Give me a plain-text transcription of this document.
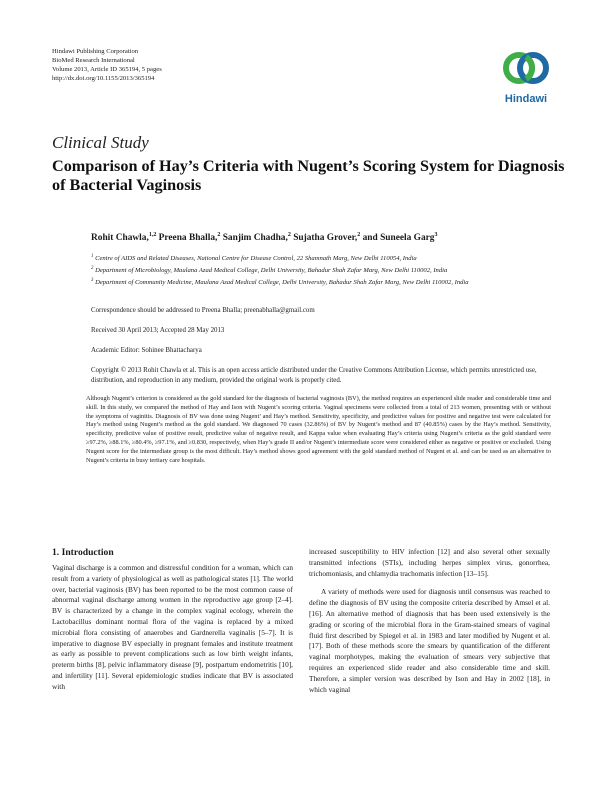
Hindawi Publishing Corporation
BioMed Research International
Volume 2013, Article ID 365194, 5 pages
http://dx.doi.org/10.1155/2013/365194
Hindawi
Clinical Study
Comparison of Hay’s Criteria with Nugent’s Scoring System for Diagnosis of Bacterial Vaginosis
Rohit Chawla,$^{1,2}$ Preena Bhalla,$^2$ Sanjim Chadha,$^2$ Sujatha Grover,$^2$ and Suneela Garg$^3$
$^1$ Centre of AIDS and Related Diseases, National Centre for Disease Control, 22 Shamnath Marg, New Delhi 110054, India
$^2$ Department of Microbiology, Maulana Azad Medical College, Delhi University, Bahadur Shah Zafar Marg, New Delhi 110002, India
$^3$ Department of Community Medicine, Maulana Azad Medical College, Delhi University, Bahadur Shah Zafar Marg, New Delhi 110002, India
Correspondence should be addressed to Preena Bhalla; preenabhalla@gmail.com
Received 30 April 2013; Accepted 28 May 2013
Academic Editor: Sohinee Bhattacharya
Copyright © 2013 Rohit Chawla et al. This is an open access article distributed under the Creative Commons Attribution License, which permits unrestricted use, distribution, and reproduction in any medium, provided the original work is properly cited.
Although Nugent’s criterion is considered as the gold standard for the diagnosis of bacterial vaginosis (BV), the method requires an experienced slide reader and considerable time and skill. In this study, we compared the method of Hay and Ison with Nugent’s scoring criteria. Vaginal specimens were collected from a total of 213 women, presenting with or without the symptoms of vaginitis. Diagnosis of BV was done using Nugent’ and Hay’s method. Sensitivity, specificity, and predictive values for positive and negative test were calculated for Hay’s method using Nugent’s method as the gold standard. We diagnosed 70 cases (32.86%) of BV by Nugent’s method and 87 (40.85%) cases by the Hay’s method. Sensitivity, specificity, predictive value of positive result, predictive value of negative result, and Kappa value when evaluating Hay’s criteria using Nugent’s criteria as the gold standard were ≥97.2%, ≥88.1%, ≥80.4%, ≥97.1%, and ≥0.830, respectively, when Hay’s grade II and/or Nugent’s intermediate score were considered either as negative or positive or excluded. Using Nugent score for the intermediate group is the most difficult. Hay’s method shows good agreement with the gold standard method of Nugent et al. and can be used as an alternative to Nugent’s criteria in busy tertiary care hospitals.
1. Introduction

Vaginal discharge is a common and distressful condition for a woman, which can result from a variety of physiological as well as pathological states [1]. The world over, bacterial vaginosis (BV) has been reported to be the most common cause of abnormal vaginal discharge among women in the reproductive age group [2–4]. BV is characterized by a change in the complex vaginal ecology, wherein the Lactobacillus dominant normal flora of the vagina is replaced by a mixed microbial flora consisting of anaerobes and Gardnerella vaginalis [5–7]. It is imperative to diagnose BV especially in pregnant females and institute treatment as early as possible to prevent complications such as low birth weight infants, preterm births [8], pelvic inflammatory disease [9], postpartum endometritis [10], and infertility [11]. Several epidemiologic studies indicate that BV is associated with

increased susceptibility to HIV infection [12] and also several other sexually transmitted infections (STIs), including herpes simplex virus, gonorrhea, trichomoniasis, and chlamydia trachomatis infection [13–15].

A variety of methods were used for diagnosis until consensus was reached to define the diagnosis of BV using the composite criteria described by Amsel et al. [16]. An alternative method of diagnosis that has been used extensively is the grading or scoring of the microbial flora in the Gram-stained smears of vaginal fluid first described by Spiegel et al. in 1983 and later modified by Nugent et al. [17]. Both of these methods score the smears by quantification of the different vaginal morphotypes, making the evaluation of smears very subjective that requires an experienced slide reader and also considerable time and skill. Therefore, a simpler version was described by Ison and Hay in 2002 [18], in which vaginal
